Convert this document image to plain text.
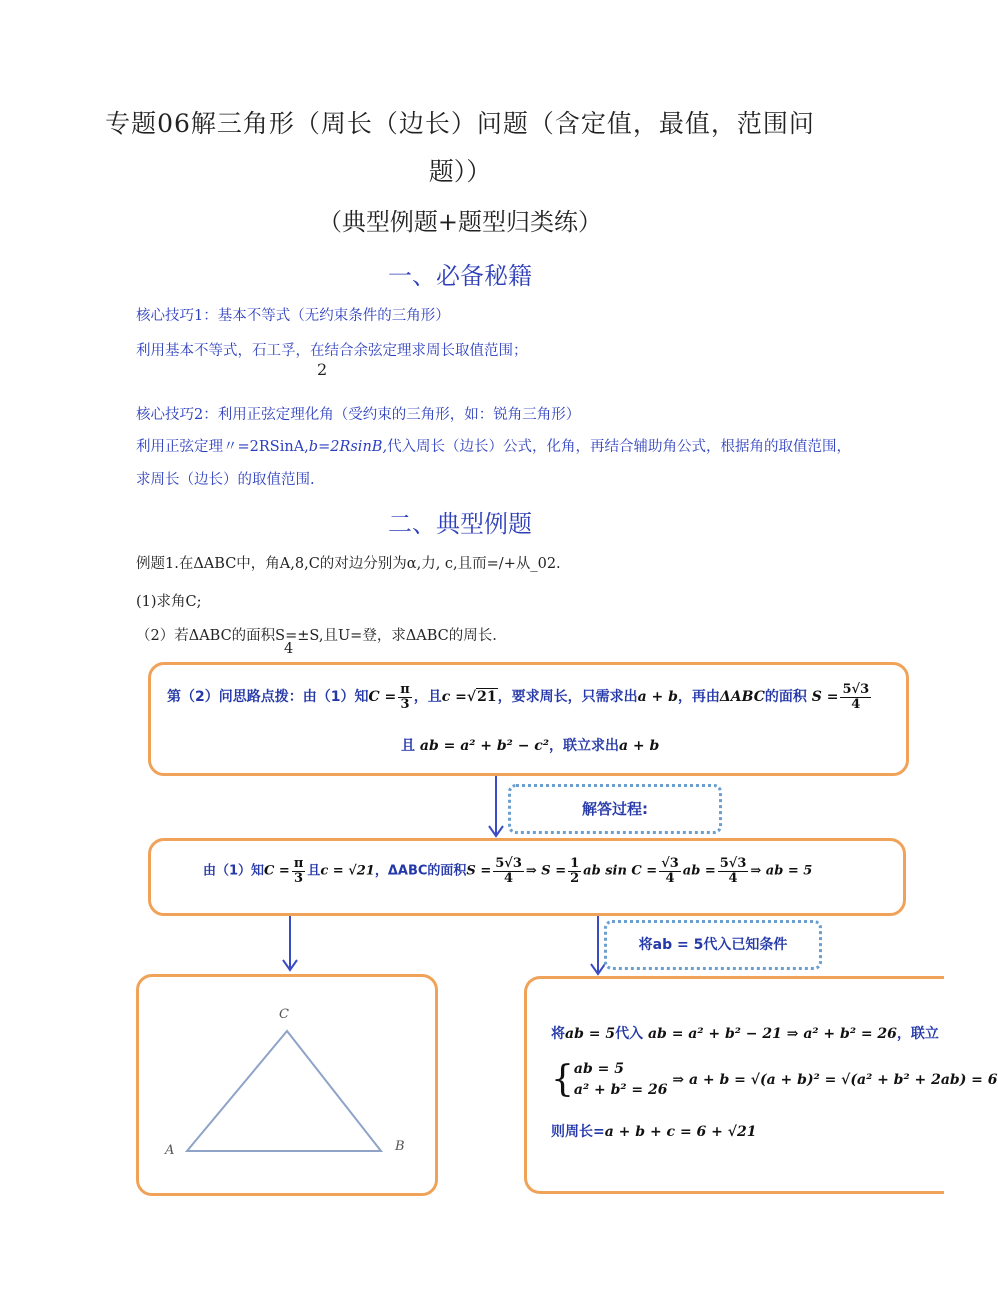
专题06解三角形（周长（边长）问题（含定值，最值，范围问
题））
（典型例题+题型归类练）
一、必备秘籍
核心技巧1：基本不等式（无约束条件的三角形）
利用基本不等式，石工孚，在结合余弦定理求周长取值范围；
2
核心技巧2：利用正弦定理化角（受约束的三角形，如：锐角三角形）
利用正弦定理〃=2RSinA,b=2RsinB,代入周长（边长）公式，化角，再结合辅助角公式，根据角的取值范围，
求周长（边长）的取值范围.
二、典型例题
例题1.在ΔABC中，角A,8,C的对边分别为α,力, c,且而=/+从_02.
(1)求角C;
（2）若ΔABC的面积S=±S,且U=登，求ΔABC的周长.
4
第（2）问思路点拨：由（1）知$C = \frac{\pi}{3}$ ，且c =√21，要求周长，只需求出a + b，再由ΔABC的面积 $S = \frac{5√3}{4}$
且 ab = a² + b² − c²，联立求出a + b
解答过程:
由（1）知$C = \frac{\pi}{3}$ 且c = √21，ΔABC的面积$S = \frac{5√3}{4}$ ⇒ $S = \frac{1}{2}$ ab $\sin C = \frac{√3}{4}$ ab = $\frac{5√3}{4}$ ⇒ ab = 5
将ab = 5代入已知条件
C
A	B
将ab = 5代入 ab = a² + b² − 21 ⇒ a² + b² = 26，联立
{ ab = 5
a² + b² = 26
⇒ a + b = √(a + b)² = √(a² + b² + 2ab) = 6
则周长=a + b + c = 6 + √21
